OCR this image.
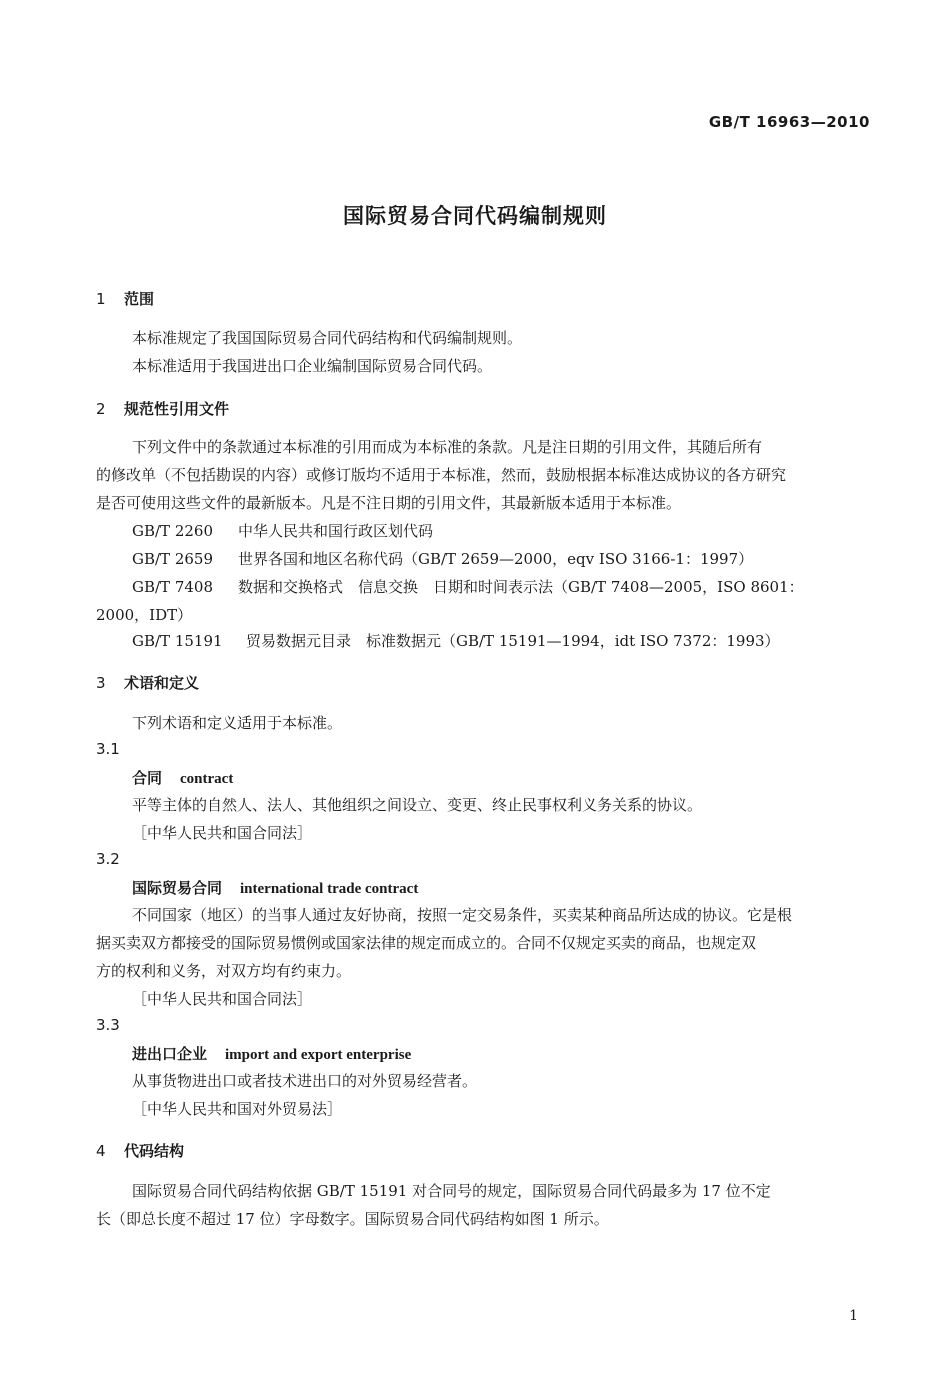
GB/T 16963—2010
国际贸易合同代码编制规则
1 范围
本标准规定了我国国际贸易合同代码结构和代码编制规则。
本标准适用于我国进出口企业编制国际贸易合同代码。
2 规范性引用文件
下列文件中的条款通过本标准的引用而成为本标准的条款。凡是注日期的引用文件，其随后所有
的修改单（不包括勘误的内容）或修订版均不适用于本标准，然而，鼓励根据本标准达成协议的各方研究
是否可使用这些文件的最新版本。凡是不注日期的引用文件，其最新版本适用于本标准。
GB/T 2260 中华人民共和国行政区划代码
GB/T 2659 世界各国和地区名称代码（GB/T 2659—2000，eqv ISO 3166-1：1997）
GB/T 7408 数据和交换格式　信息交换　日期和时间表示法（GB/T 7408—2005，ISO 8601：
2000，IDT）
GB/T 15191 贸易数据元目录　标准数据元（GB/T 15191—1994，idt ISO 7372：1993）
3 术语和定义
下列术语和定义适用于本标准。
3.1
合同 contract
平等主体的自然人、法人、其他组织之间设立、变更、终止民事权利义务关系的协议。
［中华人民共和国合同法］
3.2
国际贸易合同 international trade contract
不同国家（地区）的当事人通过友好协商，按照一定交易条件，买卖某种商品所达成的协议。它是根
据买卖双方都接受的国际贸易惯例或国家法律的规定而成立的。合同不仅规定买卖的商品，也规定双
方的权利和义务，对双方均有约束力。
［中华人民共和国合同法］
3.3
进出口企业 import and export enterprise
从事货物进出口或者技术进出口的对外贸易经营者。
［中华人民共和国对外贸易法］
4 代码结构
国际贸易合同代码结构依据 GB/T 15191 对合同号的规定，国际贸易合同代码最多为 17 位不定
长（即总长度不超过 17 位）字母数字。国际贸易合同代码结构如图 1 所示。
1
